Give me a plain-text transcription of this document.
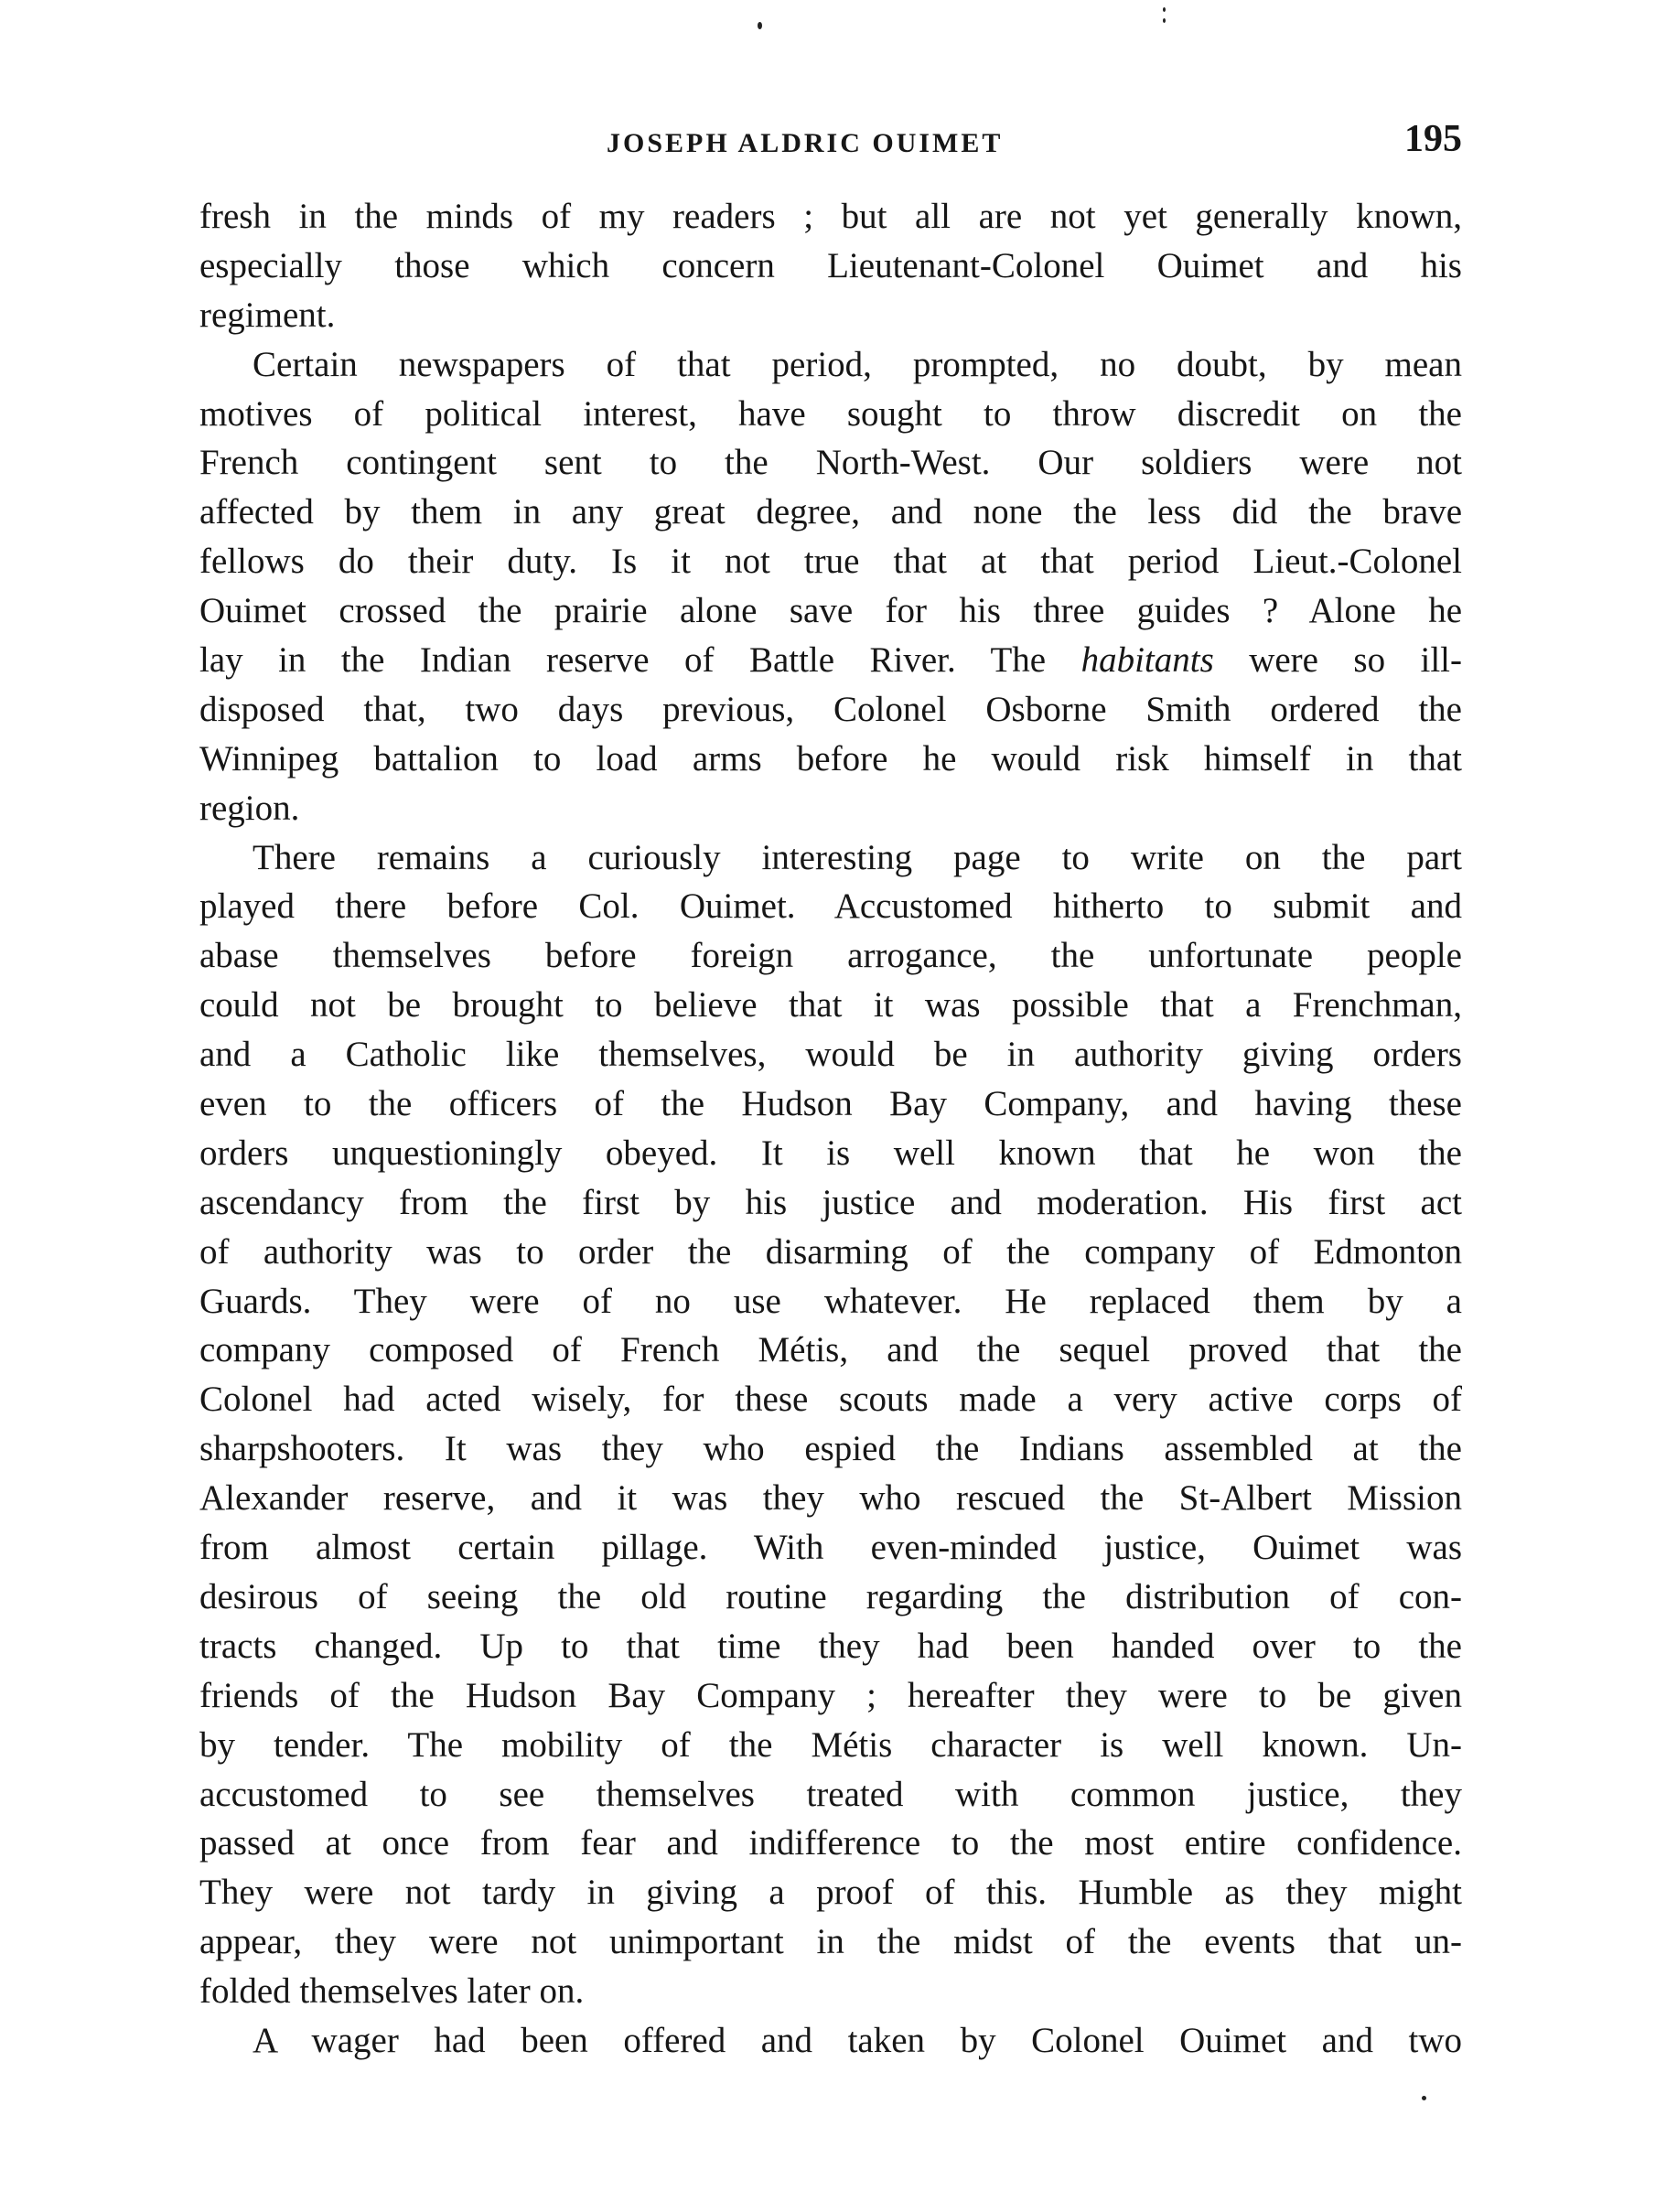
JOSEPH ALDRIC OUIMET	195
fresh in the minds of my readers ; but all are not yet generally known,
especially those which concern Lieutenant-Colonel Ouimet and his
regiment.
Certain newspapers of that period, prompted, no doubt, by mean
motives of political interest, have sought to throw discredit on the
French contingent sent to the North-West. Our soldiers were not
affected by them in any great degree, and none the less did the brave
fellows do their duty. Is it not true that at that period Lieut.-Colonel
Ouimet crossed the prairie alone save for his three guides ? Alone he
lay in the Indian reserve of Battle River. The habitants were so ill-
disposed that, two days previous, Colonel Osborne Smith ordered the
Winnipeg battalion to load arms before he would risk himself in that
region.
There remains a curiously interesting page to write on the part
played there before Col. Ouimet. Accustomed hitherto to submit and
abase themselves before foreign arrogance, the unfortunate people
could not be brought to believe that it was possible that a Frenchman,
and a Catholic like themselves, would be in authority giving orders
even to the officers of the Hudson Bay Company, and having these
orders unquestioningly obeyed. It is well known that he won the
ascendancy from the first by his justice and moderation. His first act
of authority was to order the disarming of the company of Edmonton
Guards. They were of no use whatever. He replaced them by a
company composed of French Métis, and the sequel proved that the
Colonel had acted wisely, for these scouts made a very active corps of
sharpshooters. It was they who espied the Indians assembled at the
Alexander reserve, and it was they who rescued the St-Albert Mission
from almost certain pillage. With even-minded justice, Ouimet was
desirous of seeing the old routine regarding the distribution of con-
tracts changed. Up to that time they had been handed over to the
friends of the Hudson Bay Company ; hereafter they were to be given
by tender. The mobility of the Métis character is well known. Un-
accustomed to see themselves treated with common justice, they
passed at once from fear and indifference to the most entire confidence.
They were not tardy in giving a proof of this. Humble as they might
appear, they were not unimportant in the midst of the events that un-
folded themselves later on.
A wager had been offered and taken by Colonel Ouimet and two
